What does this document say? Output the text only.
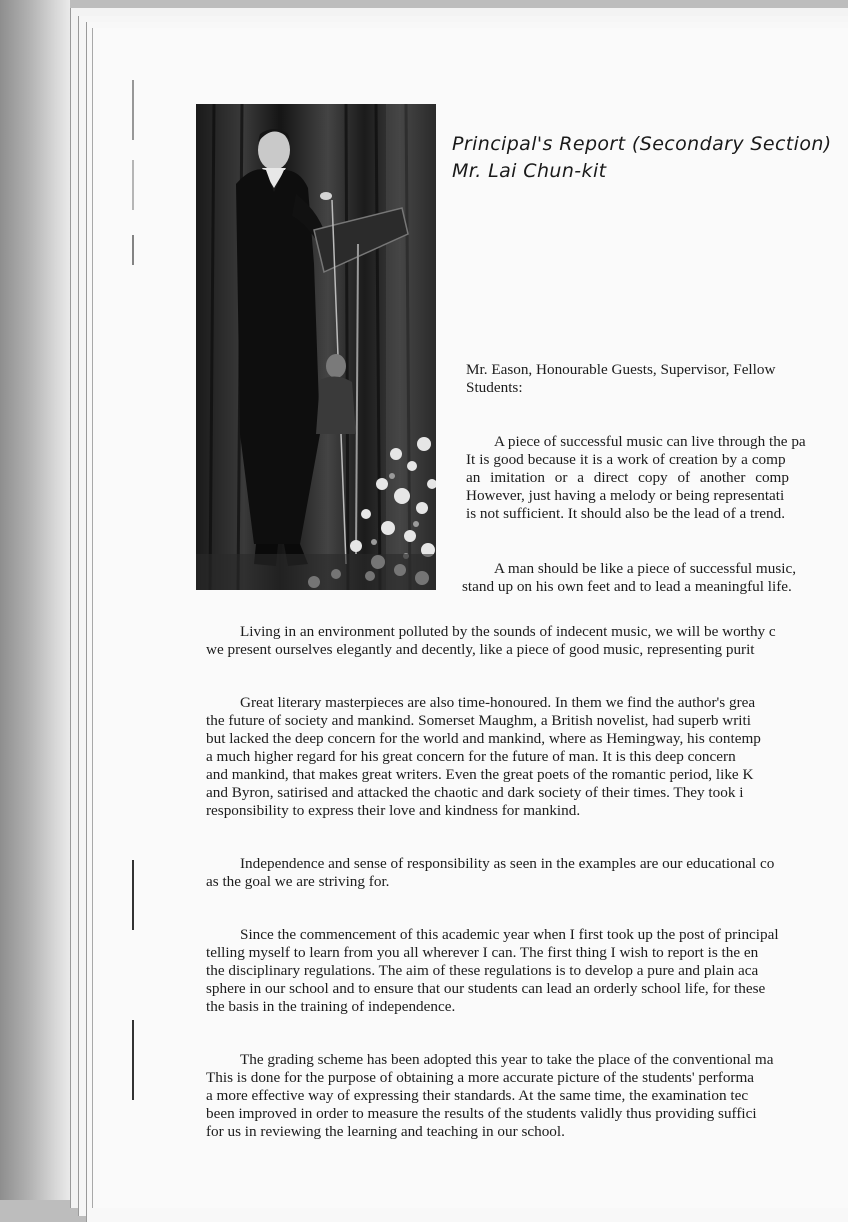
Principal's Report (Secondary Section)
Mr. Lai Chun-kit
Mr. Eason, Honourable Guests, Supervisor, Fellow
Students:
A piece of successful music can live through the pa
It is good because it is a work of creation by a comp
an imitation or a direct copy of another comp
However, just having a melody or being representati
is not sufficient. It should also be the lead of a trend.
A man should be like a piece of successful music,
stand up on his own feet and to lead a meaningful life.
Living in an environment polluted by the sounds of indecent music, we will be worthy c
we present ourselves elegantly and decently, like a piece of good music, representing purit
Great literary masterpieces are also time-honoured. In them we find the author's grea
the future of society and mankind. Somerset Maughm, a British novelist, had superb writi
but lacked the deep concern for the world and mankind, where as Hemingway, his contemp
a much higher regard for his great concern for the future of man. It is this deep concern
and mankind, that makes great writers. Even the great poets of the romantic period, like K
and Byron, satirised and attacked the chaotic and dark society of their times. They took i
responsibility to express their love and kindness for mankind.
Independence and sense of responsibility as seen in the examples are our educational co
as the goal we are striving for.
Since the commencement of this academic year when I first took up the post of principal
telling myself to learn from you all wherever I can. The first thing I wish to report is the en
the disciplinary regulations. The aim of these regulations is to develop a pure and plain aca
sphere in our school and to ensure that our students can lead an orderly school life, for these
the basis in the training of independence.
The grading scheme has been adopted this year to take the place of the conventional ma
This is done for the purpose of obtaining a more accurate picture of the students' performa
a more effective way of expressing their standards. At the same time, the examination tec
been improved in order to measure the results of the students validly thus providing suffici
for us in reviewing the learning and teaching in our school.
